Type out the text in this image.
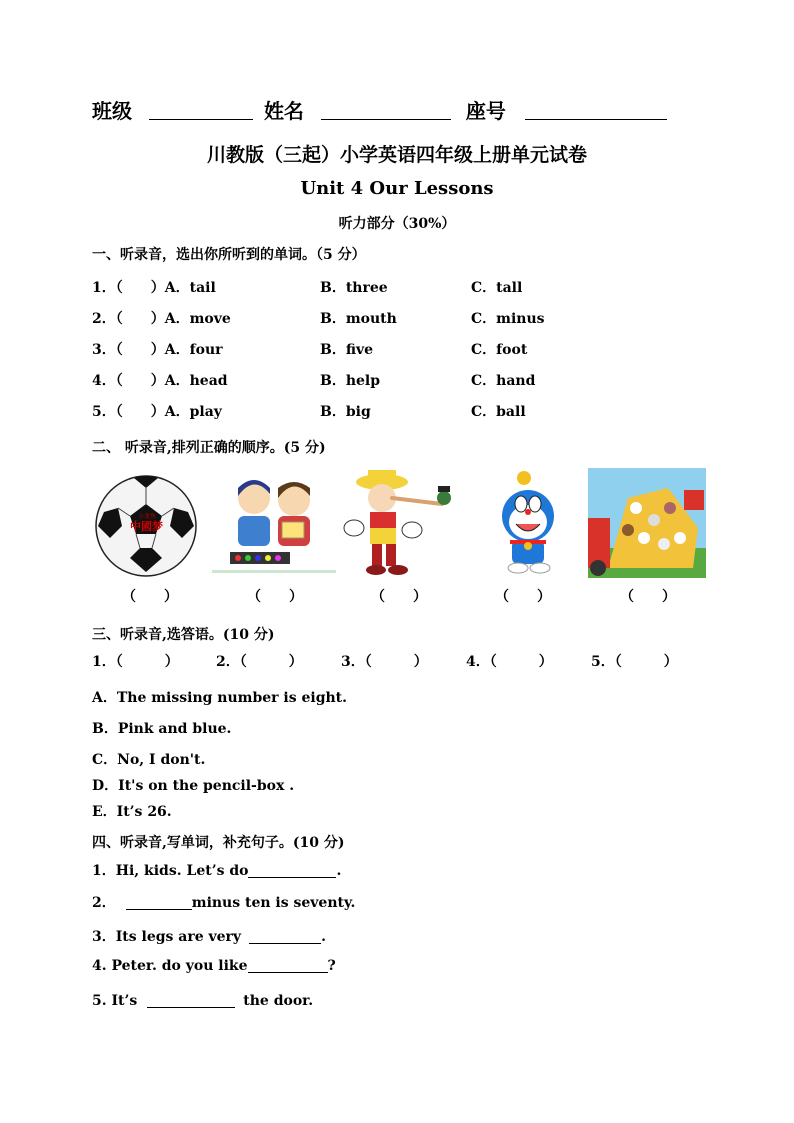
班级	姓名	座号
川教版（三起）小学英语四年级上册单元试卷
Unit 4 Our Lessons
听力部分（30%）
一、听录音，选出你所听到的单词。（5 分）
1．（　　）A．tail	B．three	C．tall
2．（　　）A．move	B．mouth	C．minus
3．（　　）A．four	B．five	C．foot
4．（　　）A．head	B．help	C．hand
5．（　　）A．play	B．big	C．ball
二、 听录音,排列正确的顺序。(5 分)
小龙鱼
中國梦
（　　）	（　　）	（　　）	（　　）	（　　）
三、听录音,选答语。(10 分)
1．（　　　）	2．（　　　）	3．（　　　）	4．（　　　）	5．（　　　）
A．The missing number is eight.
B．Pink and blue.
C．No, I don't.
D．It's on the pencil-box .
E．It’s 26.
四、听录音,写单词，补充句子。(10 分)
1．Hi, kids. Let’s do	.
2．	minus ten is seventy.
3．Its legs are very	.
4. Peter. do you like	?
5. It’s	the door.
